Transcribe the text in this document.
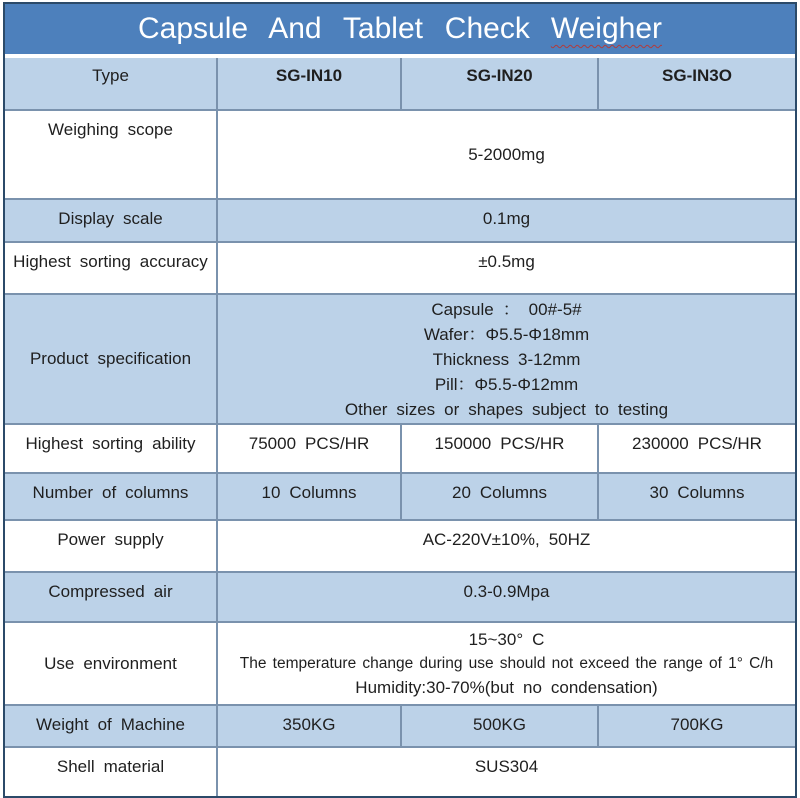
Capsule And Tablet Check Weigher
Type	SG-IN10	SG-IN20	SG-IN3O
Weighing scope	5-2000mg		
Display scale	0.1mg		
Highest sorting accuracy	±0.5mg		
Product specification	Capsule ： 00#-5#
Wafer：Φ5.5-Φ18mm
Thickness 3-12mm
Pill：Φ5.5-Φ12mm
Other sizes or shapes subject to testing		

Highest sorting ability	75000 PCS/HR	150000 PCS/HR	230000 PCS/HR
Number of columns	10 Columns	20 Columns	30 Columns
Power supply	AC-220V±10%, 50HZ		
Compressed air	0.3-0.9Mpa		
Use environment	15~30° C
The temperature change during use should not exceed the range of 1° C/h
Humidity:30-70%(but no condensation)		

Weight of Machine	350KG	500KG	700KG
Shell material	SUS304		
